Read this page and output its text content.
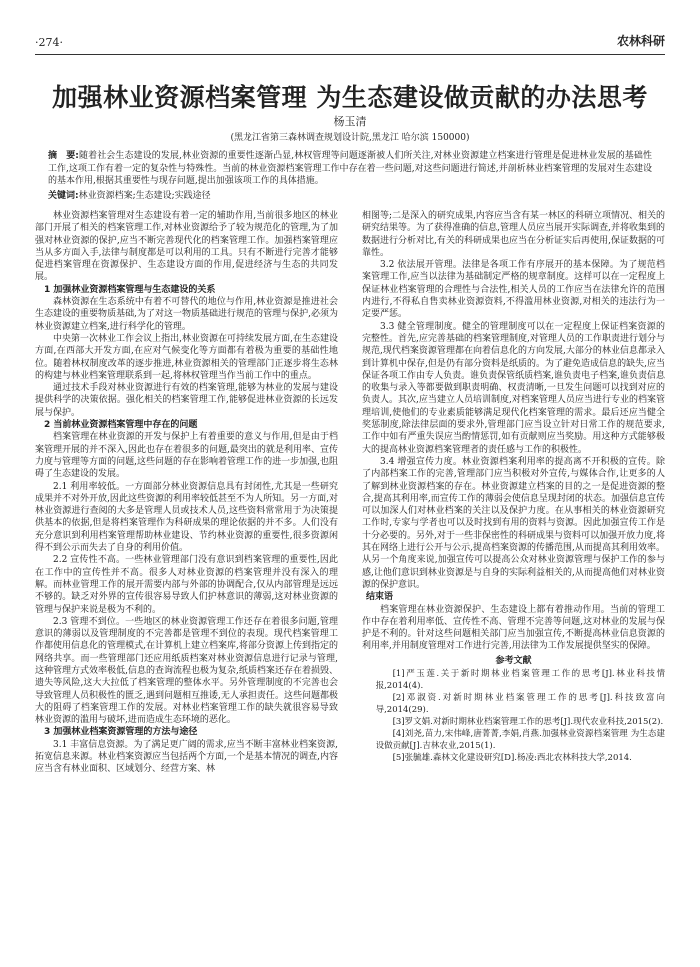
·274·	农林科研
加强林业资源档案管理 为生态建设做贡献的办法思考
杨玉清
(黑龙江省第三森林调查规划设计院,黑龙江 哈尔滨 150000)
摘　要:随着社会生态建设的发展,林业资源的重要性逐渐凸显,林权管理等问题逐渐被人们所关注,对林业资源建立档案进行管理是促进林业发展的基础性工作,这项工作有着一定的复杂性与特殊性。当前的林业资源档案管理工作中存在着一些问题,对这些问题进行简述,并剖析林业档案管理的发展对生态建设的基本作用,根据其重要性与现存问题,提出加强该项工作的具体措施。
关键词:林业资源档案;生态建设;实践途径

林业资源档案管理对生态建设有着一定的辅助作用,当前很多地区的林业部门开展了相关的档案管理工作,对林业资源给予了较为规范化的管理,为了加强对林业资源的保护,应当不断完善现代化的档案管理工作。加强档案管理应当从多方面入手,法律与制度都是可以利用的工具。只有不断进行完善才能够促进档案管理在资源保护、生态建设方面的作用,促进经济与生态的共同发展。

1 加强林业资源档案管理与生态建设的关系

森林资源在生态系统中有着不可替代的地位与作用,林业资源是推进社会生态建设的重要物质基础,为了对这一物质基础进行规范的管理与保护,必须为林业资源建立档案,进行科学化的管理。

中央第一次林业工作会议上指出,林业资源在可持续发展方面,在生态建设方面,在西部大开发方面,在应对气候变化等方面都有着极为重要的基础性地位。随着林权制度改革的逐步推进,林业资源相关的管理部门正逐步将生态林的构建与林业档案管理联系到一起,将林权管理当作当前工作中的重点。

通过技术手段对林业资源进行有效的档案管理,能够为林业的发展与建设提供科学的决策依据。强化相关的档案管理工作,能够促进林业资源的长远发展与保护。

2 当前林业资源档案管理中存在的问题

档案管理在林业资源的开发与保护上有着重要的意义与作用,但是由于档案管理开展的并不深入,因此也存在着很多的问题,最突出的就是利用率、宣传力度与管理等方面的问题,这些问题的存在影响着管理工作的进一步加强,也阻碍了生态建设的发展。

2.1 利用率较低。一方面部分林业资源信息具有封闭性,尤其是一些研究成果并不对外开放,因此这些资源的利用率较低甚至不为人所知。另一方面,对林业资源进行查阅的大多是管理人员或技术人员,这些资料常常用于为决策提供基本的依据,但是将档案管理作为科研成果的理论依据的并不多。人们没有充分意识到利用档案管理帮助林业建设、节约林业资源的重要性,很多资源闲得不到公示而失去了自身的利用价值。

2.2 宣传性不高。一些林业管理部门没有意识到档案管理的重要性,因此在工作中的宣传性并不高。很多人对林业资源的档案管理并没有深入的理解。而林业管理工作的展开需要内部与外部的协调配合,仅从内部管理是远远不够的。缺乏对外界的宣传很容易导致人们护林意识的薄弱,这对林业资源的管理与保护来说是极为不利的。

2.3 管理不到位。一些地区的林业资源管理工作还存在着很多问题,管理意识的薄弱以及管理制度的不完善都是管理不到位的表现。现代档案管理工作都使用信息化的管理模式,在计算机上建立档案库,将部分资源上传到指定的网络共享。而一些管理部门还应用纸质档案对林业资源信息进行记录与管理,这种管理方式效率极低,信息的查询流程也极为复杂,纸质档案还存在着损毁、遗失等风险,这大大拉低了档案管理的整体水平。另外管理制度的不完善也会导致管理人员积极性的匮乏,遇到问题相互推诿,无人承担责任。这些问题都极大的阻碍了档案管理工作的发展。对林业档案管理工作的缺失就很容易导致林业资源的滥用与破坏,进而造成生态环境的恶化。

3 加强林业档案资源管理的方法与途径

3.1 丰富信息资源。为了满足更广阔的需求,应当不断丰富林业档案资源,拓宽信息来源。林业档案资源应当包括两个方面,一个是基本情况的调查,内容应当含有林业面积、区域划分、经营方案、林

相图等;二是深入的研究成果,内容应当含有某一林区的科研立项情况、相关的研究结果等。为了获得准确的信息,管理人员应当展开实际调查,并将收集到的数据进行分析对比,有关的科研成果也应当在分析证实后再使用,保证数据的可靠性。

3.2 依法展开管理。法律是各项工作有序展开的基本保障。为了规范档案管理工作,应当以法律为基础制定严格的规章制度。这样可以在一定程度上保证林业档案管理的合理性与合法性,相关人员的工作应当在法律允许的范围内进行,不得私自售卖林业资源资料,不得滥用林业资源,对相关的违法行为一定要严惩。

3.3 健全管理制度。健全的管理制度可以在一定程度上保证档案资源的完整性。首先,应完善基础的档案管理制度,对管理人员的工作职责进行划分与规范,现代档案资源管理都在向着信息化的方向发展,大部分的林业信息都录入到计算机中保存,但是仍有部分资料是纸质的。为了避免造成信息的缺失,应当保证各项工作由专人负责。谁负责保管纸质档案,谁负责电子档案,谁负责信息的收集与录入等都要做到职责明确、权责清晰,一旦发生问题可以找到对应的负责人。其次,应当建立人员培训制度,对档案管理人员应当进行专业的档案管理培训,使他们的专业素质能够满足现代化档案管理的需求。最后还应当健全奖惩制度,除法律层面的要求外,管理部门应当设立针对日常工作的规范要求,工作中如有严重失误应当酌情惩罚,如有贡献则应当奖励。用这种方式能够极大的提高林业资源档案管理者的责任感与工作的积极性。

3.4 增强宣传力度。林业资源档案利用率的提高离不开积极的宣传。除了内部档案工作的完善,管理部门应当积极对外宣传,与媒体合作,让更多的人了解到林业资源档案的存在。林业资源建立档案的目的之一是促进资源的整合,提高其利用率,而宣传工作的薄弱会使信息呈现封闭的状态。加强信息宣传可以加深人们对林业档案的关注以及保护力度。在从事相关的林业资源研究工作时,专家与学者也可以及时找到有用的资料与资源。因此加强宣传工作是十分必要的。另外,对于一些非保密性的科研成果与资料可以加强开放力度,将其在网络上进行公开与公示,提高档案资源的传播范围,从而提高其利用效率。从另一个角度来说,加强宣传可以提高公众对林业资源管理与保护工作的参与感,让他们意识到林业资源是与自身的实际利益相关的,从而提高他们对林业资源的保护意识。

结束语

档案管理在林业资源保护、生态建设上都有着推动作用。当前的管理工作中存在着利用率低、宣传性不高、管理不完善等问题,这对林业的发展与保护是不利的。针对这些问题相关部门应当加强宣传,不断提高林业信息资源的利用率,并用制度管理对工作进行完善,用法律为工作发展提供坚实的保障。

参考文献

[1]严玉莲.关于新时期林业档案管理工作的思考[J].林业科技情报,2014(4).

[2]邓淑资.对新时期林业档案管理工作的思考[J].科技致富向导,2014(29).

[3]罗文娟.对新时期林业档案管理工作的思考[J].现代农业科技,2015(2).

[4]刘尧,苗力,宋伟峰,唐菁菁,李娟,肖燕.加强林业资源档案管理 为生态建设做贡献[J].吉林农业,2015(1).

[5]张毓雄.森林文化建设研究[D].杨凌:西北农林科技大学,2014.
